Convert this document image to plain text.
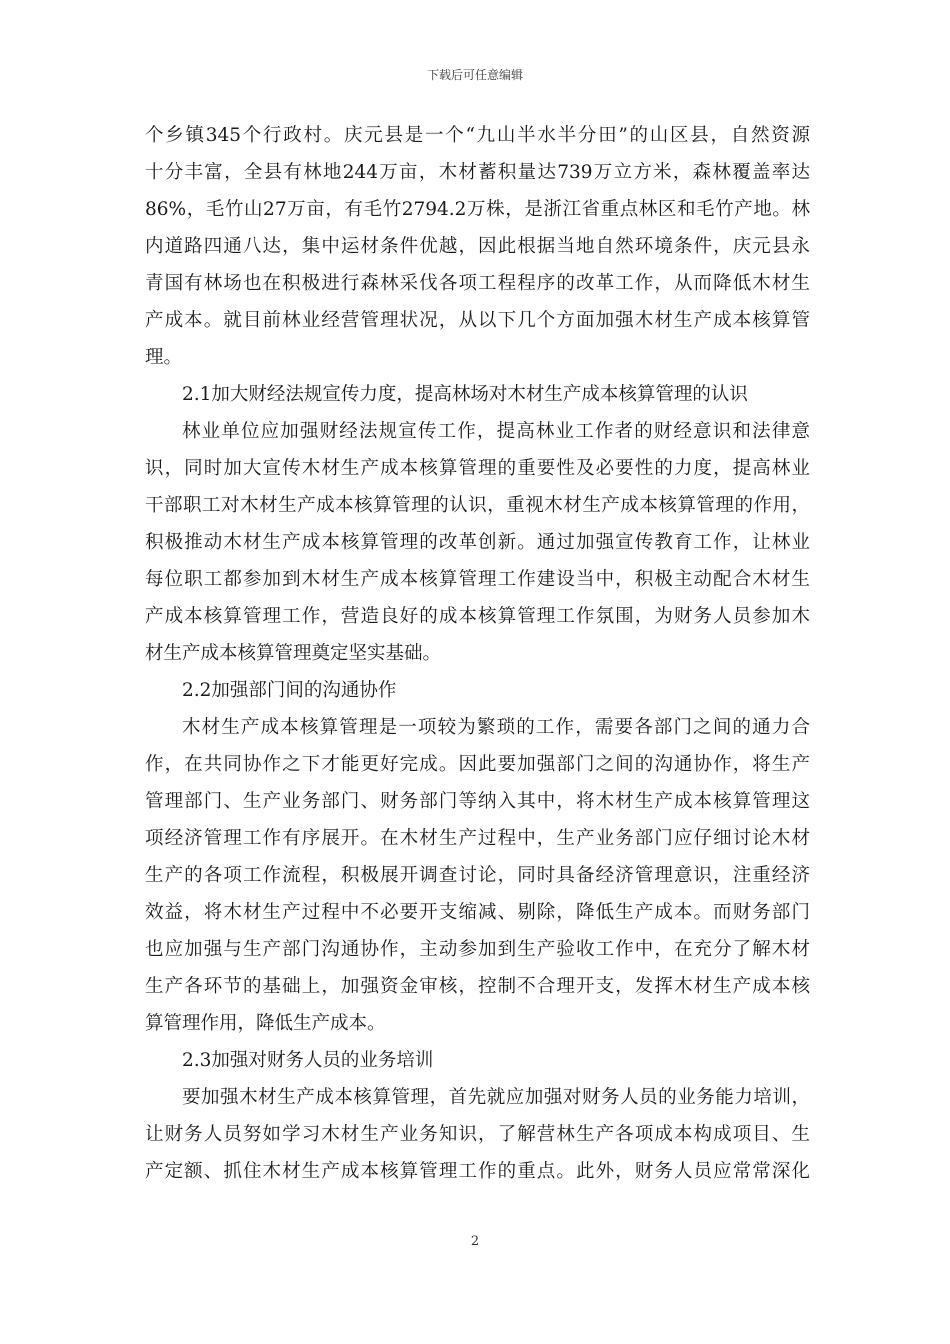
下载后可任意编辑
个乡镇345个行政村。庆元县是一个“九山半水半分田”的山区县，自然资源
十分丰富，全县有林地244万亩，木材蓄积量达739万立方米，森林覆盖率达
86%，毛竹山27万亩，有毛竹2794.2万株，是浙江省重点林区和毛竹产地。林
内道路四通八达，集中运材条件优越，因此根据当地自然环境条件，庆元县永
青国有林场也在积极进行森林采伐各项工程程序的改革工作，从而降低木材生
产成本。就目前林业经营管理状况，从以下几个方面加强木材生产成本核算管
理。
2.1加大财经法规宣传力度，提高林场对木材生产成本核算管理的认识
林业单位应加强财经法规宣传工作，提高林业工作者的财经意识和法律意
识，同时加大宣传木材生产成本核算管理的重要性及必要性的力度，提高林业
干部职工对木材生产成本核算管理的认识，重视木材生产成本核算管理的作用，
积极推动木材生产成本核算管理的改革创新。通过加强宣传教育工作，让林业
每位职工都参加到木材生产成本核算管理工作建设当中，积极主动配合木材生
产成本核算管理工作，营造良好的成本核算管理工作氛围，为财务人员参加木
材生产成本核算管理奠定坚实基础。
2.2加强部门间的沟通协作
木材生产成本核算管理是一项较为繁琐的工作，需要各部门之间的通力合
作，在共同协作之下才能更好完成。因此要加强部门之间的沟通协作，将生产
管理部门、生产业务部门、财务部门等纳入其中，将木材生产成本核算管理这
项经济管理工作有序展开。在木材生产过程中，生产业务部门应仔细讨论木材
生产的各项工作流程，积极展开调查讨论，同时具备经济管理意识，注重经济
效益，将木材生产过程中不必要开支缩减、剔除，降低生产成本。而财务部门
也应加强与生产部门沟通协作，主动参加到生产验收工作中，在充分了解木材
生产各环节的基础上，加强资金审核，控制不合理开支，发挥木材生产成本核
算管理作用，降低生产成本。
2.3加强对财务人员的业务培训
要加强木材生产成本核算管理，首先就应加强对财务人员的业务能力培训，
让财务人员努如学习木材生产业务知识，了解营林生产各项成本构成项目、生
产定额、抓住木材生产成本核算管理工作的重点。此外，财务人员应常常深化
2
